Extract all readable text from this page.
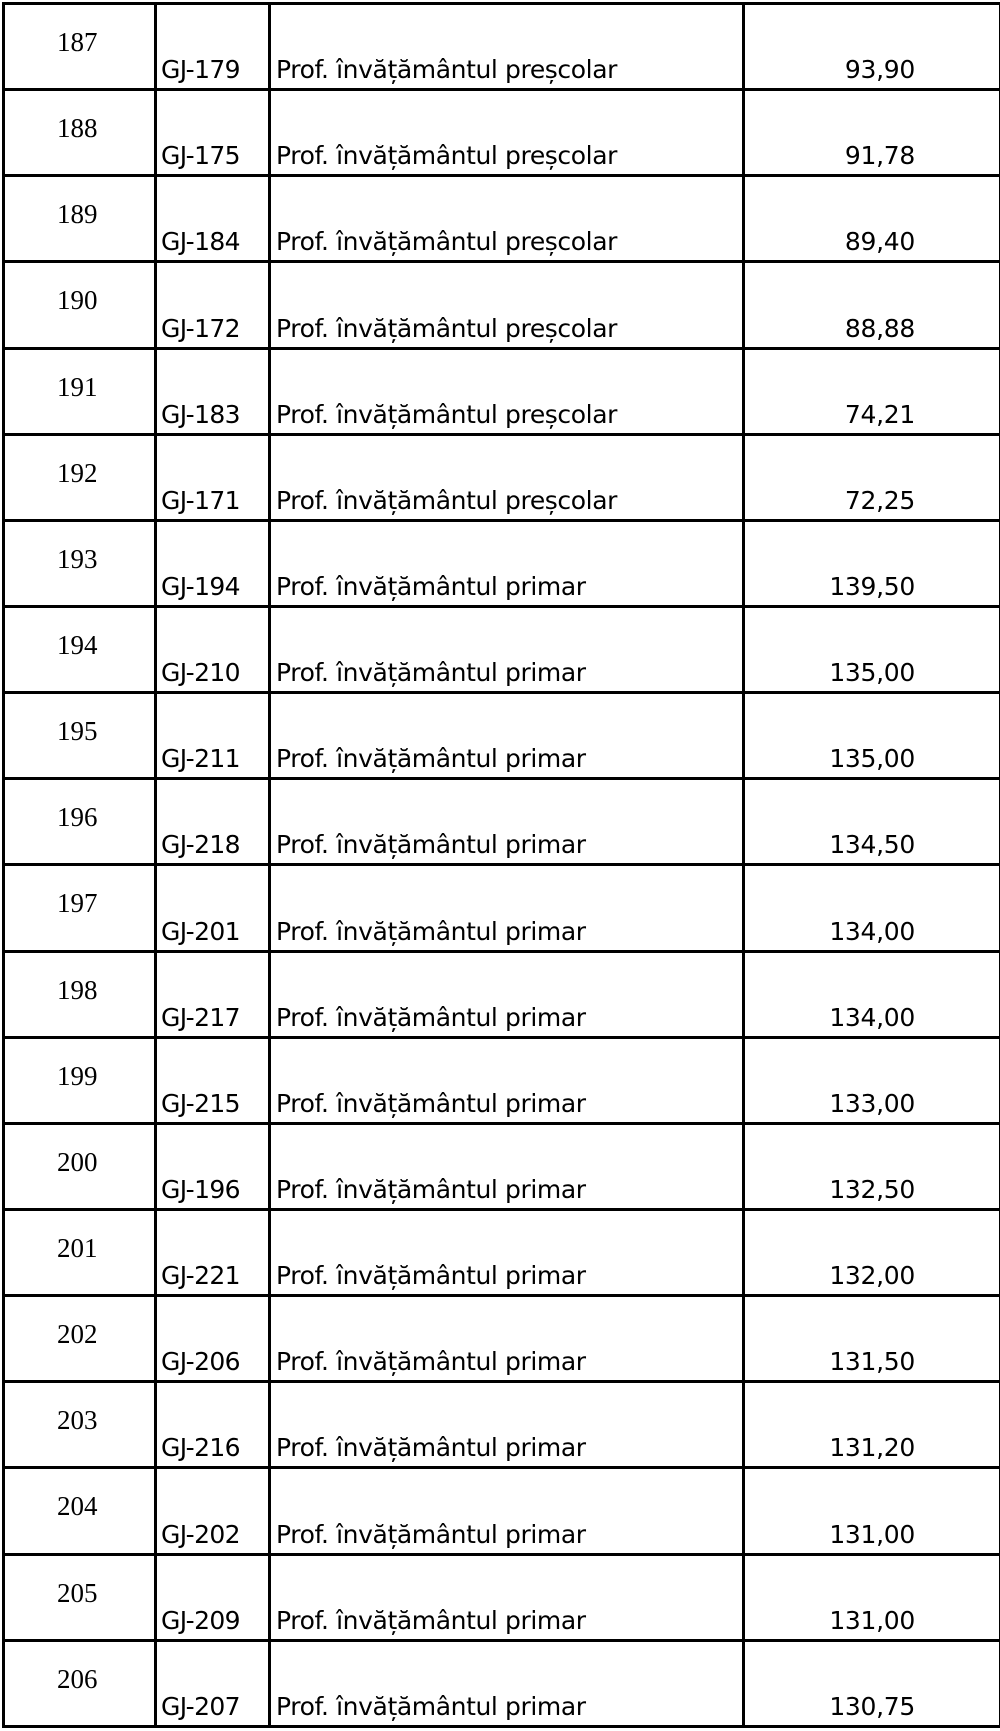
187	GJ-179	Prof. învățământul preșcolar	93,90

188	GJ-175	Prof. învățământul preșcolar	91,78

189	GJ-184	Prof. învățământul preșcolar	89,40

190	GJ-172	Prof. învățământul preșcolar	88,88

191	GJ-183	Prof. învățământul preșcolar	74,21

192	GJ-171	Prof. învățământul preșcolar	72,25

193	GJ-194	Prof. învățământul primar	139,50

194	GJ-210	Prof. învățământul primar	135,00

195	GJ-211	Prof. învățământul primar	135,00

196	GJ-218	Prof. învățământul primar	134,50

197	GJ-201	Prof. învățământul primar	134,00

198	GJ-217	Prof. învățământul primar	134,00

199	GJ-215	Prof. învățământul primar	133,00

200	GJ-196	Prof. învățământul primar	132,50

201	GJ-221	Prof. învățământul primar	132,00

202	GJ-206	Prof. învățământul primar	131,50

203	GJ-216	Prof. învățământul primar	131,20

204	GJ-202	Prof. învățământul primar	131,00

205	GJ-209	Prof. învățământul primar	131,00

206	GJ-207	Prof. învățământul primar	130,75
